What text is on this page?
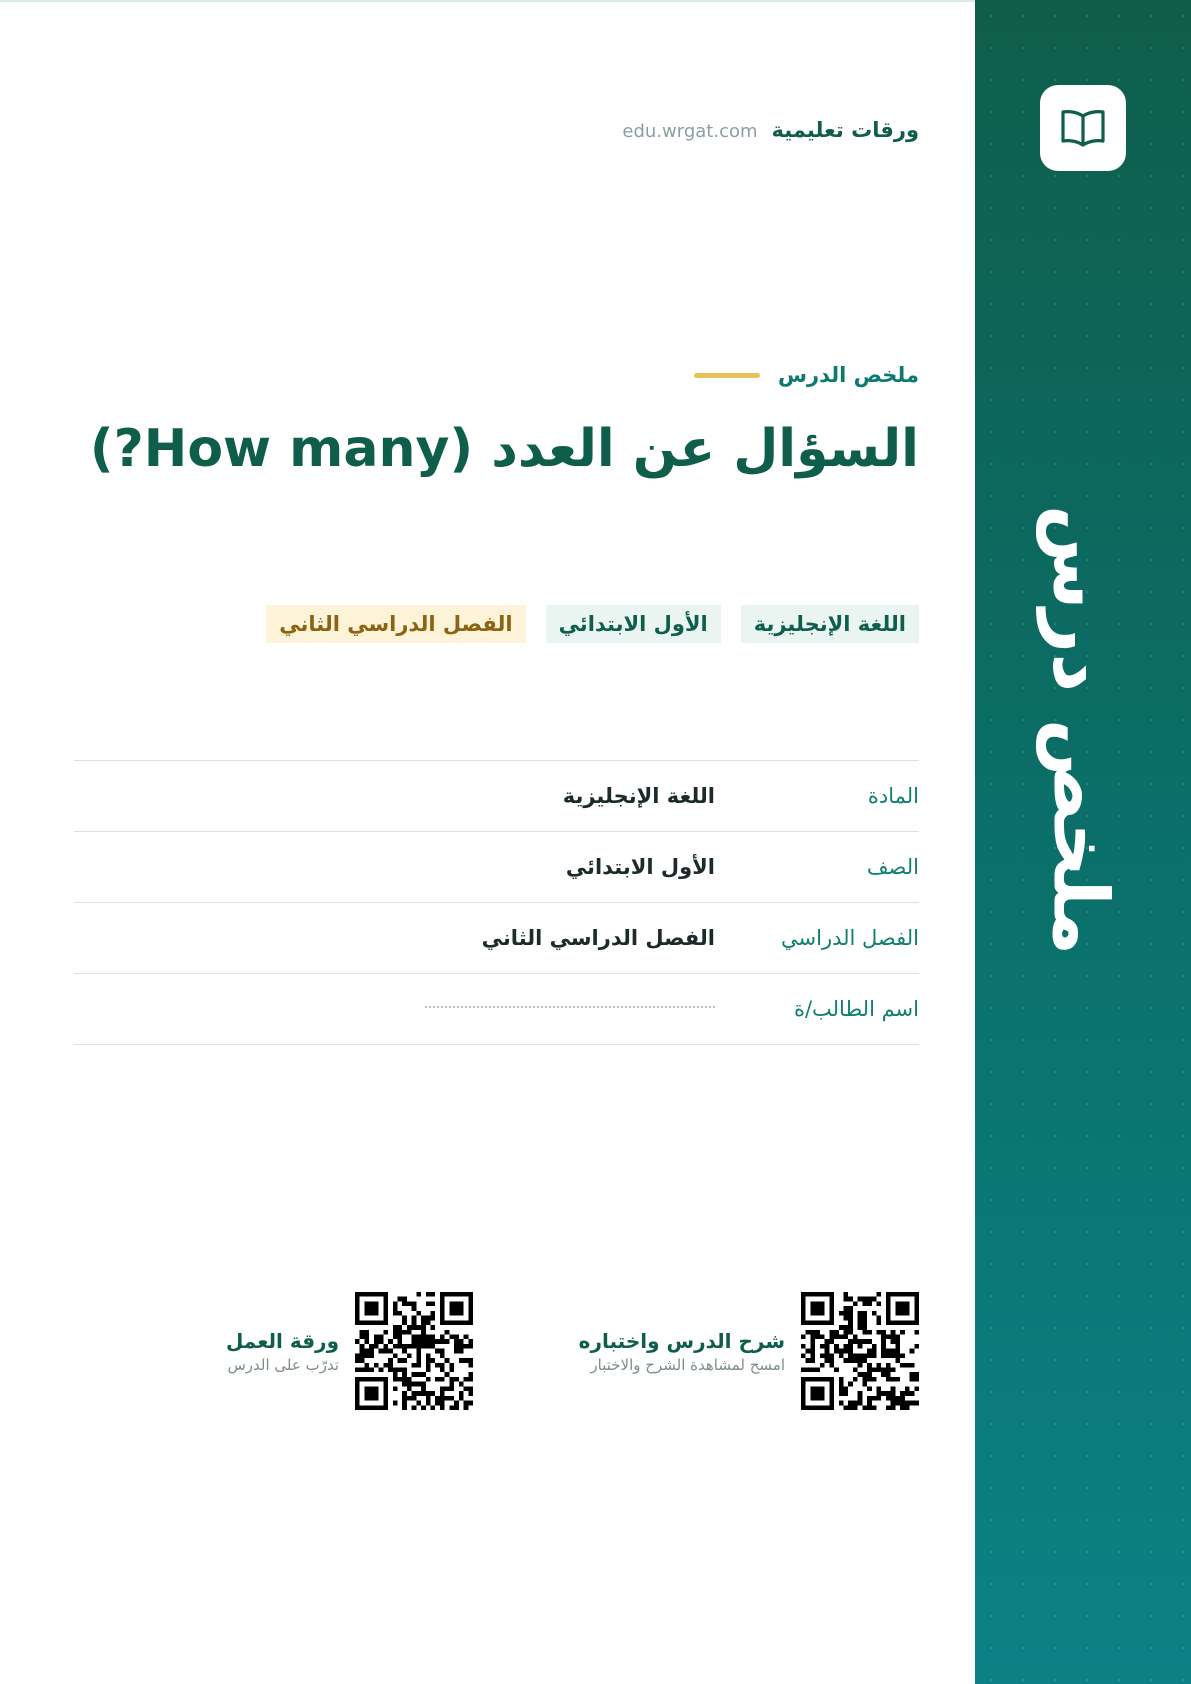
ملخص درس
ورقات تعليمية
edu.wrgat.com
ملخص الدرس
السؤال عن العدد (How many?)
اللغة الإنجليزية
الأول الابتدائي
الفصل الدراسي الثاني
المادة
اللغة الإنجليزية
الصف
الأول الابتدائي
الفصل الدراسي
الفصل الدراسي الثاني
اسم الطالب/ة
شرح الدرس واختباره
امسح لمشاهدة الشرح والاختبار
ورقة العمل
تدرّب على الدرس
